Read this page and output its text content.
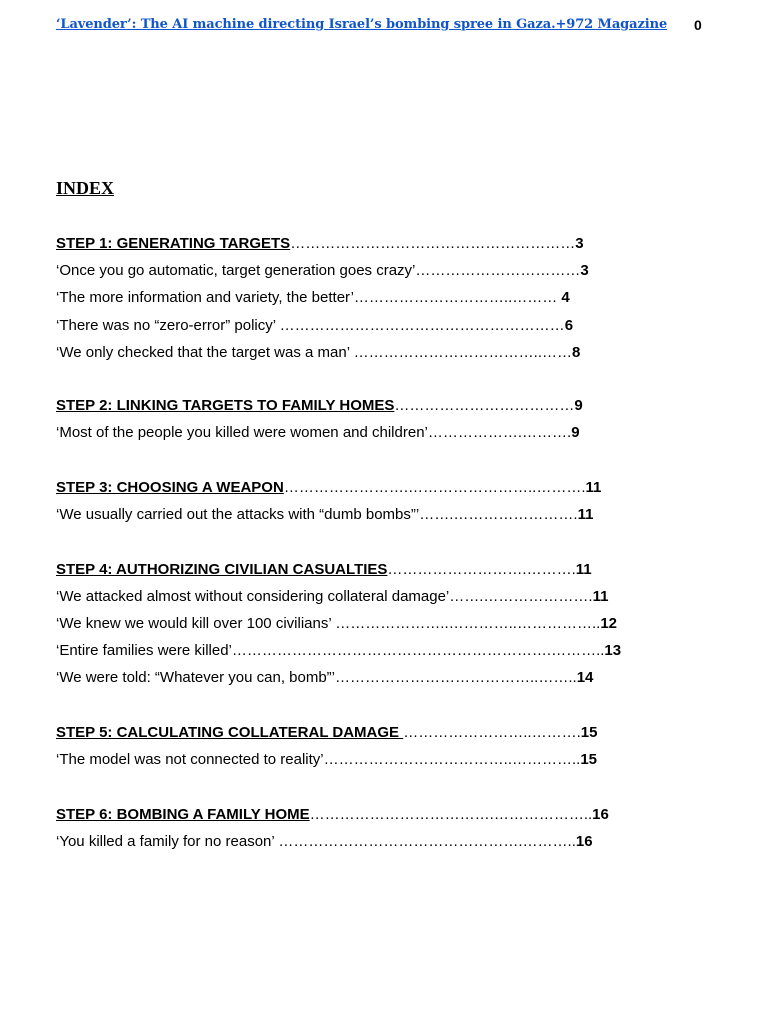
‘Lavender’: The AI machine directing Israel’s bombing spree in Gaza.+972 Magazine 0
INDEX
STEP 1: GENERATING TARGETS…………………………………………………3
‘Once you go automatic, target generation goes crazy’……………………………3
‘The more information and variety, the better’…………………………..……… 4
‘There was no “zero-error” policy’ …………………………………………………6
‘We only checked that the target was a man’ ………………………………..……8
STEP 2: LINKING TARGETS TO FAMILY HOMES………………………………9
‘Most of the people you killed were women and children’……………….……….9
STEP 3: CHOOSING A WEAPON…………………….……………………..……….11
‘We usually carried out the attacks with “dumb bombs”’…….…………………….11
STEP 4: AUTHORIZING CIVILIAN CASUALTIES……………………….……….11
‘We attacked almost without considering collateral damage’…….………………….11
‘We knew we would kill over 100 civilians’ …………………..…………..……………..12
‘Entire families were killed’……………………………………………………….………..13
‘We were told: “Whatever you can, bomb”’…………………………………..……..14
STEP 5: CALCULATING COLLATERAL DAMAGE ……………………..……….15
‘The model was not connected to reality’………………………………..…………..15
STEP 6: BOMBING A FAMILY HOME……………………………….………………..16
‘You killed a family for no reason’ ………………………………………….………..16
